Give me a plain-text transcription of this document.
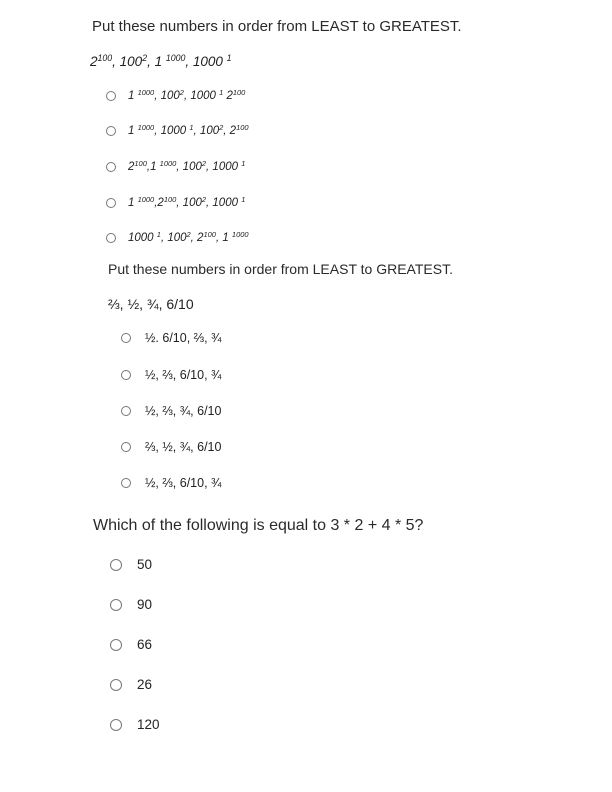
Put these numbers in order from LEAST to GREATEST.
$2^{100}$, $100^2$, 1 $^{1000}$, 1000 $^1$
1 $^{1000}$, $100^2$, 1000 $^1$ $2^{100}$
1 $^{1000}$, 1000 $^1$, $100^2$, $2^{100}$
$2^{100},1$ $^{1000}$, $100^2$, 1000 $^1$
1 $^{1000},2^{100}$, $100^2$, 1000 $^1$
1000 $^1$, $100^2$, $2^{100}$, 1 $^{1000}$
Put these numbers in order from LEAST to GREATEST.
⅔, ½, ¾, 6/10
½. 6/10, ⅔, ¾
½, ⅔, 6/10, ¾
½, ⅔, ¾, 6/10
⅔, ½, ¾, 6/10
½, ⅔, 6/10, ¾
Which of the following is equal to 3 * 2 + 4 * 5?
50
90
66
26
120
